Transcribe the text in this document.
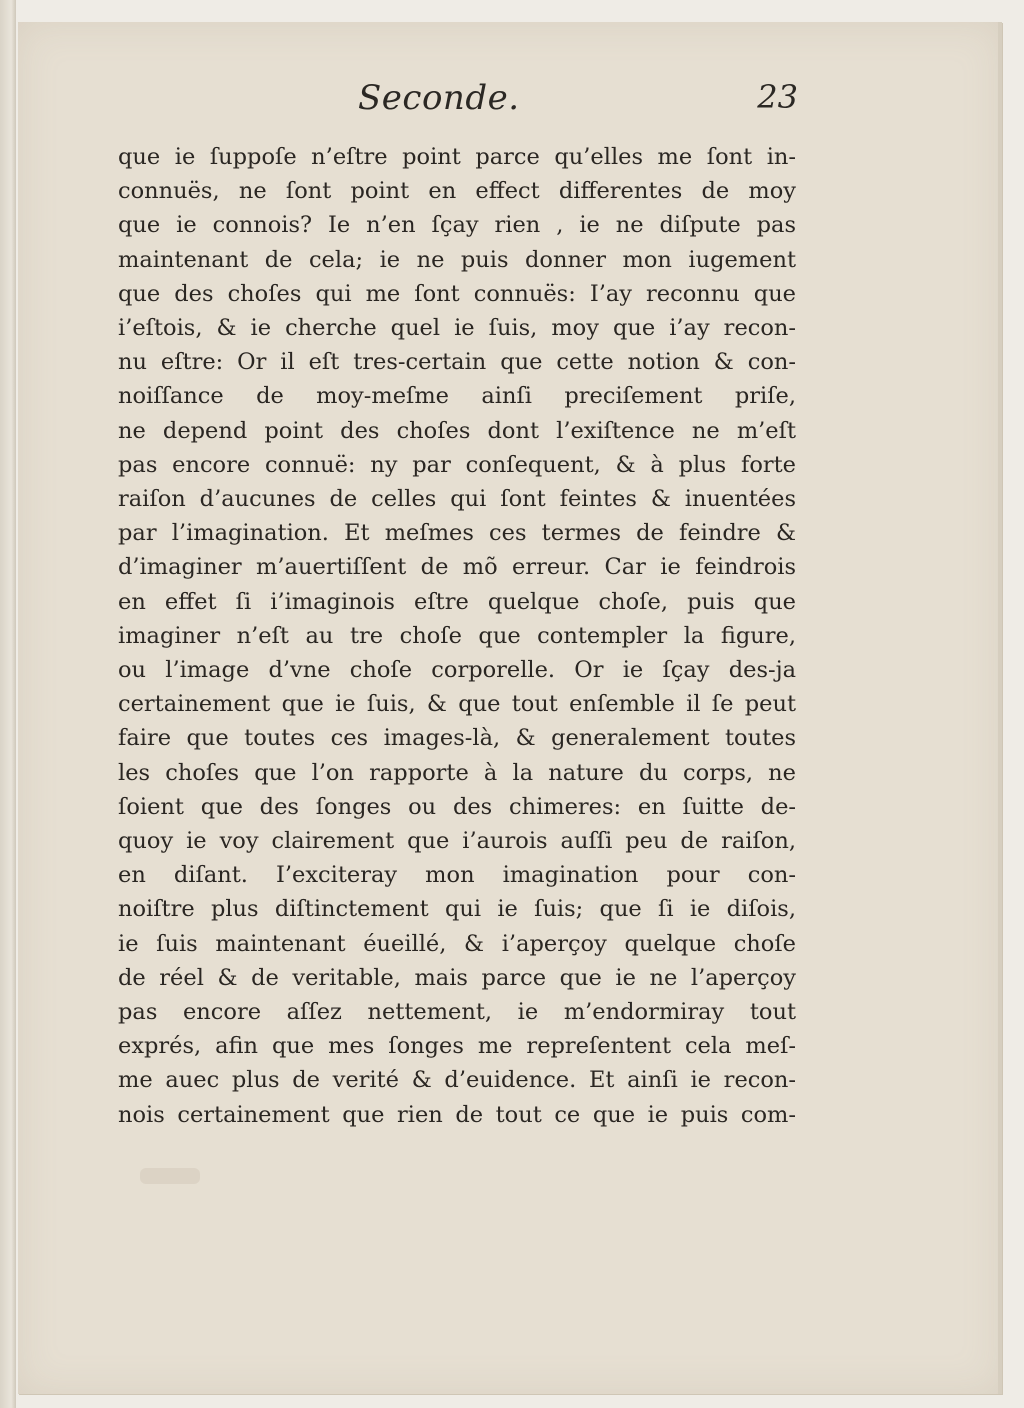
Seconde.	23
que ie ſuppoſe n’eſtre point parce qu’elles me ſont in-
connuës, ne ſont point en effect differentes de moy
que ie connois? Ie n’en ſçay rien , ie ne diſpute pas
maintenant de cela; ie ne puis donner mon iugement
que des choſes qui me ſont connuës: I’ay reconnu que
i’eſtois, & ie cherche quel ie ſuis, moy que i’ay recon-
nu eſtre: Or il eſt tres-certain que cette notion & con-
noiſſance de moy-meſme ainſi preciſement priſe,
ne depend point des choſes dont l’exiſtence ne m’eſt
pas encore connuë: ny par conſequent, & à plus forte
raiſon d’aucunes de celles qui ſont feintes & inuentées
par l’imagination. Et meſmes ces termes de feindre &
d’imaginer m’auertiſſent de mõ erreur. Car ie feindrois
en effet ſi i’imaginois eſtre quelque choſe, puis que
imaginer n’eſt au tre choſe que contempler la figure,
ou l’image d’vne choſe corporelle. Or ie ſçay des-ja
certainement que ie ſuis, & que tout enſemble il ſe peut
faire que toutes ces images-là, & generalement toutes
les choſes que l’on rapporte à la nature du corps, ne
ſoient que des ſonges ou des chimeres: en ſuitte de-
quoy ie voy clairement que i’aurois auſſi peu de raiſon,
en diſant. I’exciteray mon imagination pour con-
noiſtre plus diſtinctement qui ie ſuis; que ſi ie diſois,
ie ſuis maintenant éueillé, & i’aperçoy quelque choſe
de réel & de veritable, mais parce que ie ne l’aperçoy
pas encore aſſez nettement, ie m’endormiray tout
exprés, afin que mes ſonges me repreſentent cela meſ-
me auec plus de verité & d’euidence. Et ainſi ie recon-
nois certainement que rien de tout ce que ie puis com-
